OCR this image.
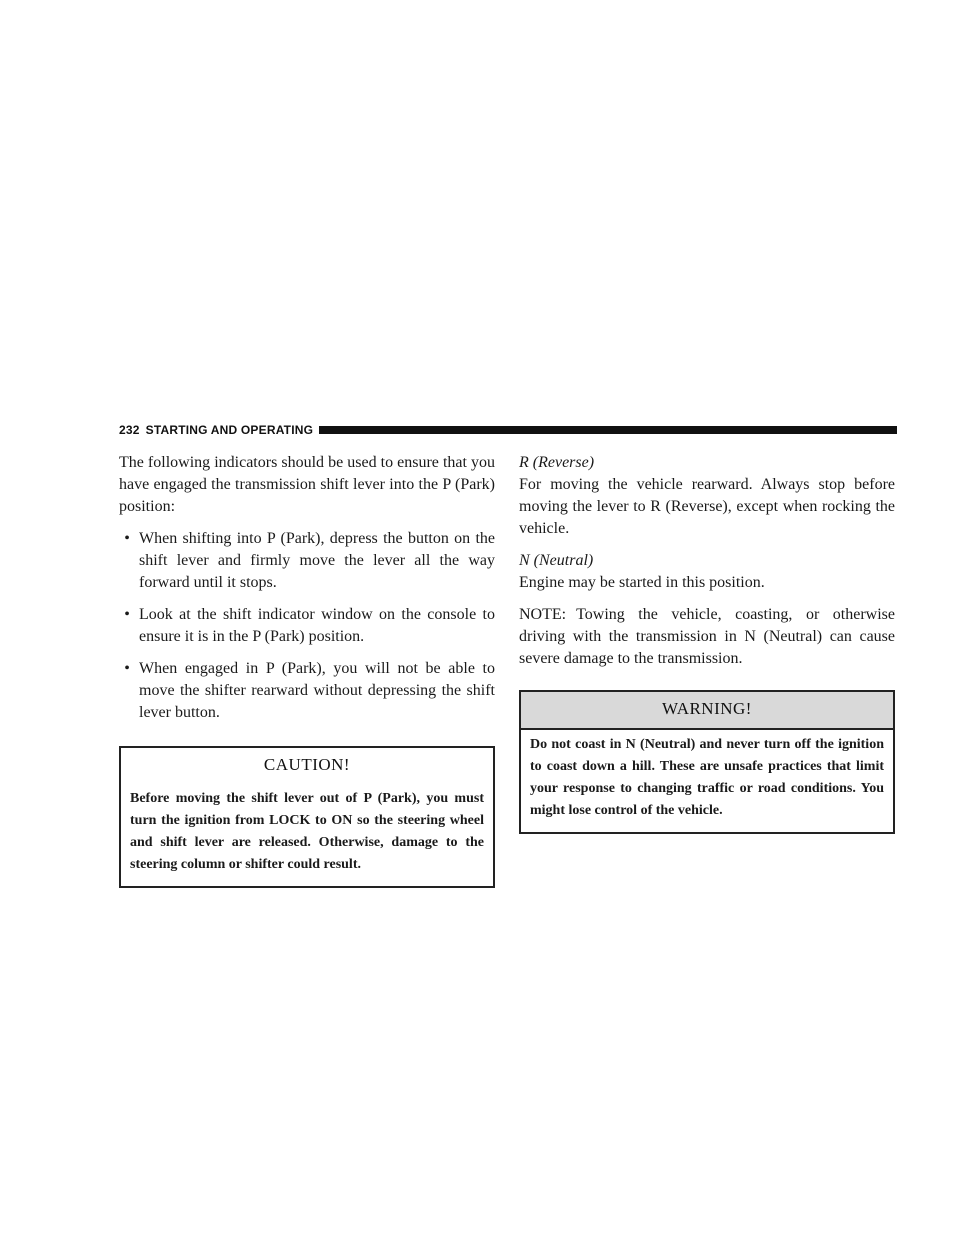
232 STARTING AND OPERATING

The following indicators should be used to ensure that you have engaged the transmission shift lever into the P (Park) position:

• When shifting into P (Park), depress the button on the shift lever and firmly move the lever all the way forward until it stops.
• Look at the shift indicator window on the console to ensure it is in the P (Park) position.
• When engaged in P (Park), you will not be able to move the shifter rearward without depressing the shift lever button.
CAUTION!
Before moving the shift lever out of P (Park), you must turn the ignition from LOCK to ON so the steering wheel and shift lever are released. Otherwise, damage to the steering column or shifter could result.

R (Reverse)

For moving the vehicle rearward. Always stop before moving the lever to R (Reverse), except when rocking the vehicle.

N (Neutral)

Engine may be started in this position.

NOTE: Towing the vehicle, coasting, or otherwise driving with the transmission in N (Neutral) can cause severe damage to the transmission.

WARNING!
Do not coast in N (Neutral) and never turn off the ignition to coast down a hill. These are unsafe practices that limit your response to changing traffic or road conditions. You might lose control of the vehicle.
